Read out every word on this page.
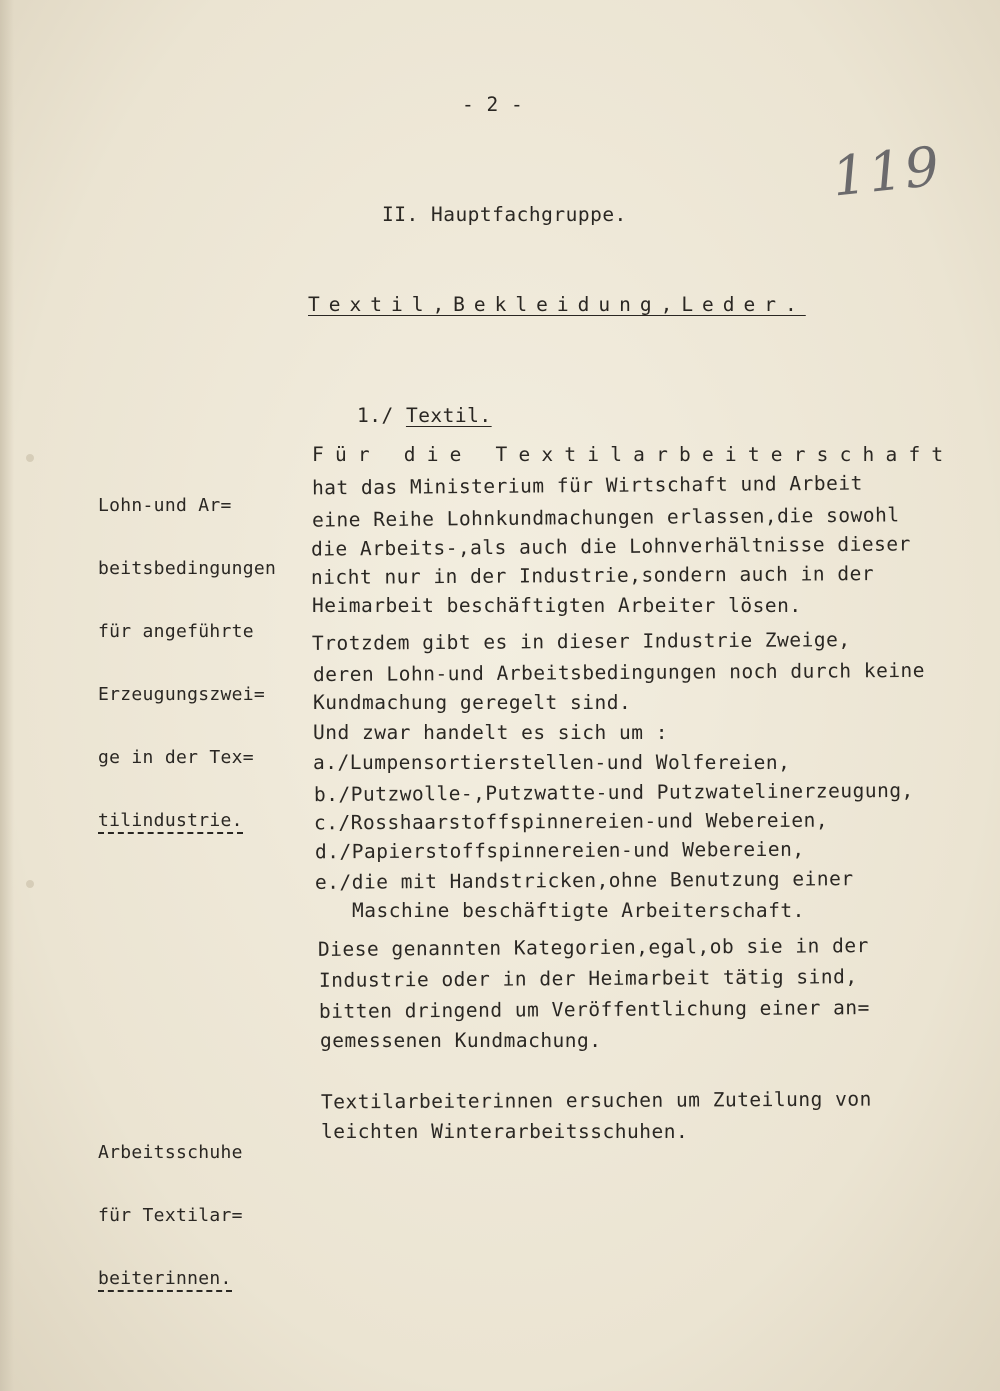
- 2 -
119
II. Hauptfachgruppe.
Textil,Bekleidung,Leder.

1./ Textil.

Lohn-und Ar=

beitsbedingungen

für angeführte

Erzeugungszwei=

ge in der Tex=

tilindustrie.

Arbeitsschuhe

für Textilar=

beiterinnen.

Für die Textilarbeiterschaft
hat das Ministerium für Wirtschaft und Arbeit
eine Reihe Lohnkundmachungen erlassen,die sowohl
die Arbeits-,als auch die Lohnverhältnisse dieser
nicht nur in der Industrie,sondern auch in der
Heimarbeit beschäftigten Arbeiter lösen.
Trotzdem gibt es in dieser Industrie Zweige,
deren Lohn-und Arbeitsbedingungen noch durch keine
Kundmachung geregelt sind.
Und zwar handelt es sich um :
a./Lumpensortierstellen-und Wolfereien,
b./Putzwolle-,Putzwatte-und Putzwatelinerzeugung,
c./Rosshaarstoffspinnereien-und Webereien,
d./Papierstoffspinnereien-und Webereien,
e./die mit Handstricken,ohne Benutzung einer
Maschine beschäftigte Arbeiterschaft.
Diese genannten Kategorien,egal,ob sie in der
Industrie oder in der Heimarbeit tätig sind,
bitten dringend um Veröffentlichung einer an=
gemessenen Kundmachung.
Textilarbeiterinnen ersuchen um Zuteilung von
leichten Winterarbeitsschuhen.
